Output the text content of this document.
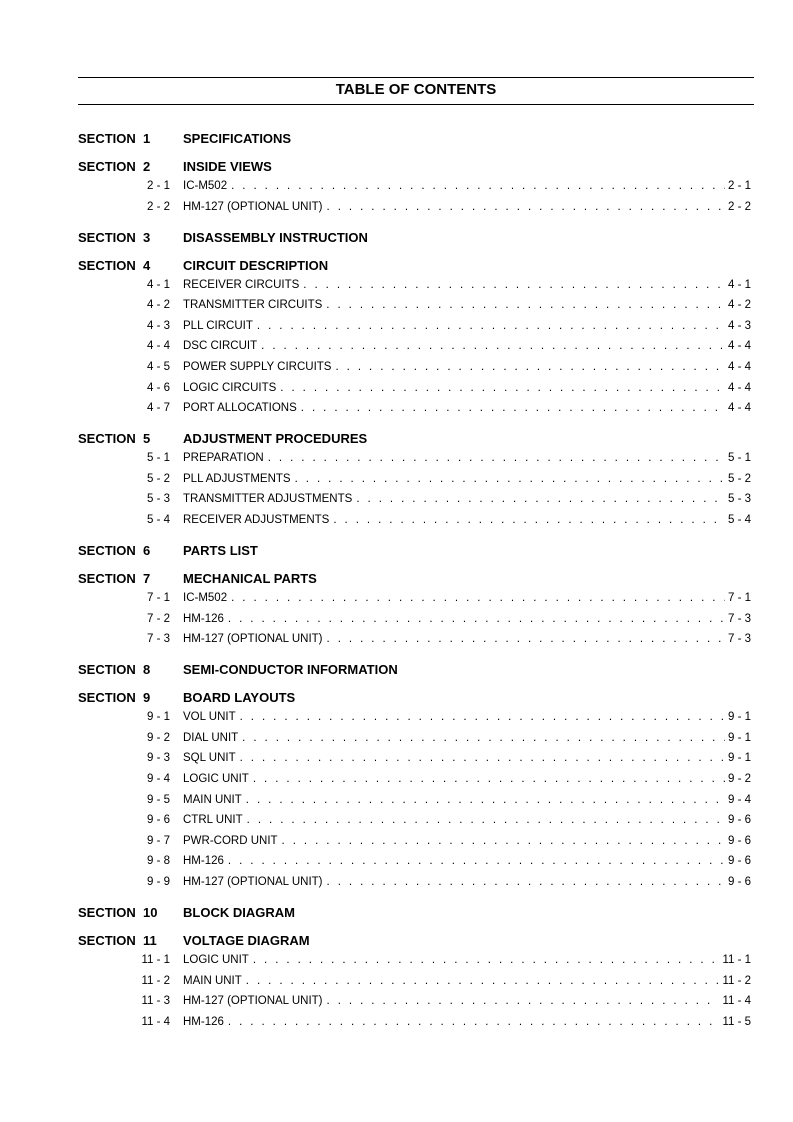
TABLE OF CONTENTS
SECTION 1	SPECIFICATIONS
SECTION 2	INSIDE VIEWS
2 - 1 IC-M502 . . .	2 - 1
2 - 2 HM-127 (OPTIONAL UNIT) . . .	2 - 2
SECTION 3	DISASSEMBLY INSTRUCTION
SECTION 4	CIRCUIT DESCRIPTION
4 - 1 RECEIVER CIRCUITS . . .	4 - 1
4 - 2 TRANSMITTER CIRCUITS . . .	4 - 2
4 - 3 PLL CIRCUIT . . .	4 - 3
4 - 4 DSC CIRCUIT . . .	4 - 4
4 - 5 POWER SUPPLY CIRCUITS . . .	4 - 4
4 - 6 LOGIC CIRCUITS . . .	4 - 4
4 - 7 PORT ALLOCATIONS . . .	4 - 4
SECTION 5	ADJUSTMENT PROCEDURES
5 - 1 PREPARATION . . .	5 - 1
5 - 2 PLL ADJUSTMENTS . . .	5 - 2
5 - 3 TRANSMITTER ADJUSTMENTS . . .	5 - 3
5 - 4 RECEIVER ADJUSTMENTS . . .	5 - 4
SECTION 6	PARTS LIST
SECTION 7	MECHANICAL PARTS
7 - 1 IC-M502 . . .	7 - 1
7 - 2 HM-126 . . .	7 - 3
7 - 3 HM-127 (OPTIONAL UNIT) . . .	7 - 3
SECTION 8	SEMI-CONDUCTOR INFORMATION
SECTION 9	BOARD LAYOUTS
9 - 1 VOL UNIT . . .	9 - 1
9 - 2 DIAL UNIT . . .	9 - 1
9 - 3 SQL UNIT . . .	9 - 1
9 - 4 LOGIC UNIT . . .	9 - 2
9 - 5 MAIN UNIT . . .	9 - 4
9 - 6 CTRL UNIT . . .	9 - 6
9 - 7 PWR-CORD UNIT . . .	9 - 6
9 - 8 HM-126 . . .	9 - 6
9 - 9 HM-127 (OPTIONAL UNIT) . . .	9 - 6
SECTION 10 BLOCK DIAGRAM
SECTION 11 VOLTAGE DIAGRAM
11 - 1 LOGIC UNIT . . .	11 - 1
11 - 2 MAIN UNIT . . .	11 - 2
11 - 3 HM-127 (OPTIONAL UNIT) . . .	11 - 4
11 - 4 HM-126 . . .	11 - 5
